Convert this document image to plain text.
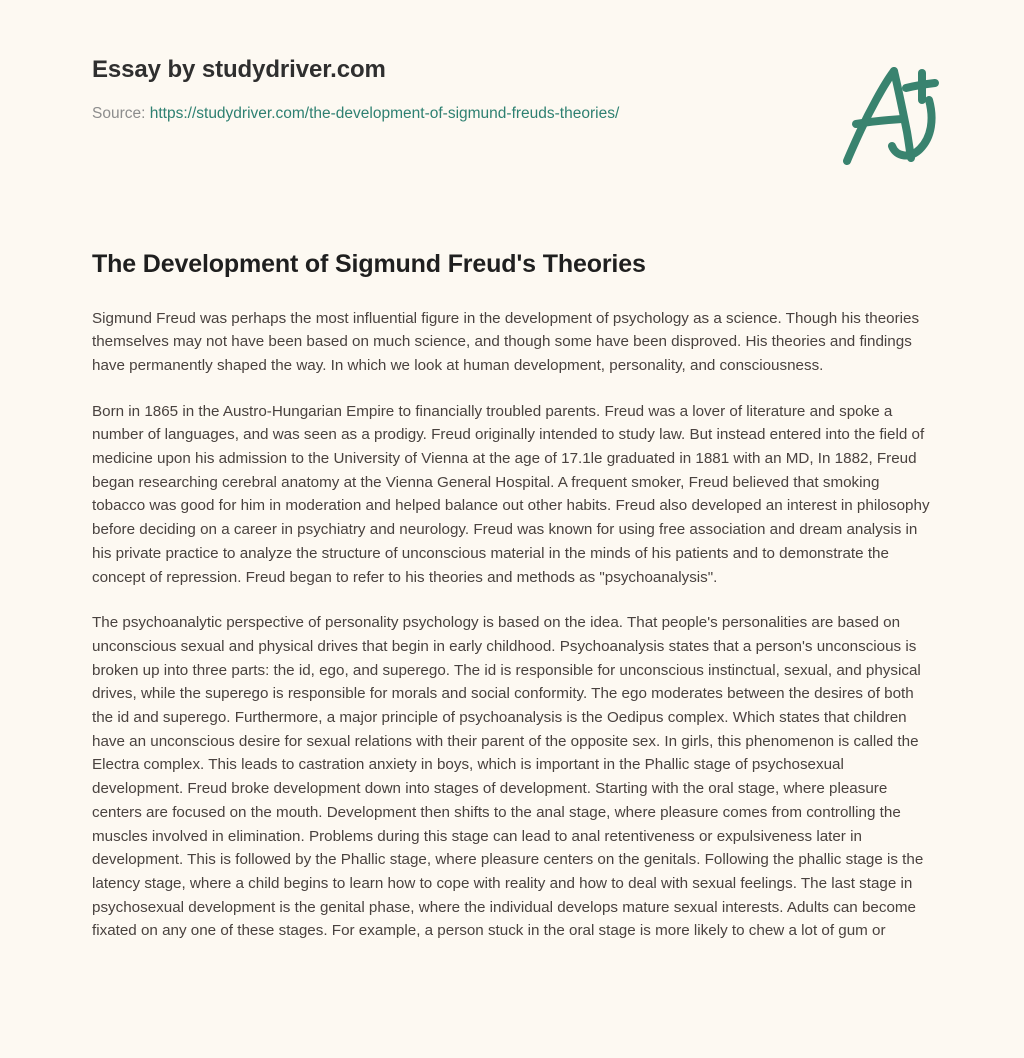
Essay by studydriver.com
Source: https://studydriver.com/the-development-of-sigmund-freuds-theories/
The Development of Sigmund Freud's Theories

Sigmund Freud was perhaps the most influential figure in the development of psychology as a science. Though his theories themselves may not have been based on much science, and though some have been disproved. His theories and findings have permanently shaped the way. In which we look at human development, personality, and consciousness.

Born in 1865 in the Austro-Hungarian Empire to financially troubled parents. Freud was a lover of literature and spoke a number of languages, and was seen as a prodigy. Freud originally intended to study law. But instead entered into the field of medicine upon his admission to the University of Vienna at the age of 17.1le graduated in 1881 with an MD, In 1882, Freud began researching cerebral anatomy at the Vienna General Hospital. A frequent smoker, Freud believed that smoking tobacco was good for him in moderation and helped balance out other habits. Freud also developed an interest in philosophy before deciding on a career in psychiatry and neurology. Freud was known for using free association and dream analysis in his private practice to analyze the structure of unconscious material in the minds of his patients and to demonstrate the concept of repression. Freud began to refer to his theories and methods as "psychoanalysis".

The psychoanalytic perspective of personality psychology is based on the idea. That people's personalities are based on unconscious sexual and physical drives that begin in early childhood. Psychoanalysis states that a person's unconscious is broken up into three parts: the id, ego, and superego. The id is responsible for unconscious instinctual, sexual, and physical drives, while the superego is responsible for morals and social conformity. The ego moderates between the desires of both the id and superego. Furthermore, a major principle of psychoanalysis is the Oedipus complex. Which states that children have an unconscious desire for sexual relations with their parent of the opposite sex. In girls, this phenomenon is called the Electra complex. This leads to castration anxiety in boys, which is important in the Phallic stage of psychosexual development. Freud broke development down into stages of development. Starting with the oral stage, where pleasure centers are focused on the mouth. Development then shifts to the anal stage, where pleasure comes from controlling the muscles involved in elimination. Problems during this stage can lead to anal retentiveness or expulsiveness later in development. This is followed by the Phallic stage, where pleasure centers on the genitals. Following the phallic stage is the latency stage, where a child begins to learn how to cope with reality and how to deal with sexual feelings. The last stage in psychosexual development is the genital phase, where the individual develops mature sexual interests. Adults can become fixated on any one of these stages. For example, a person stuck in the oral stage is more likely to chew a lot of gum or
